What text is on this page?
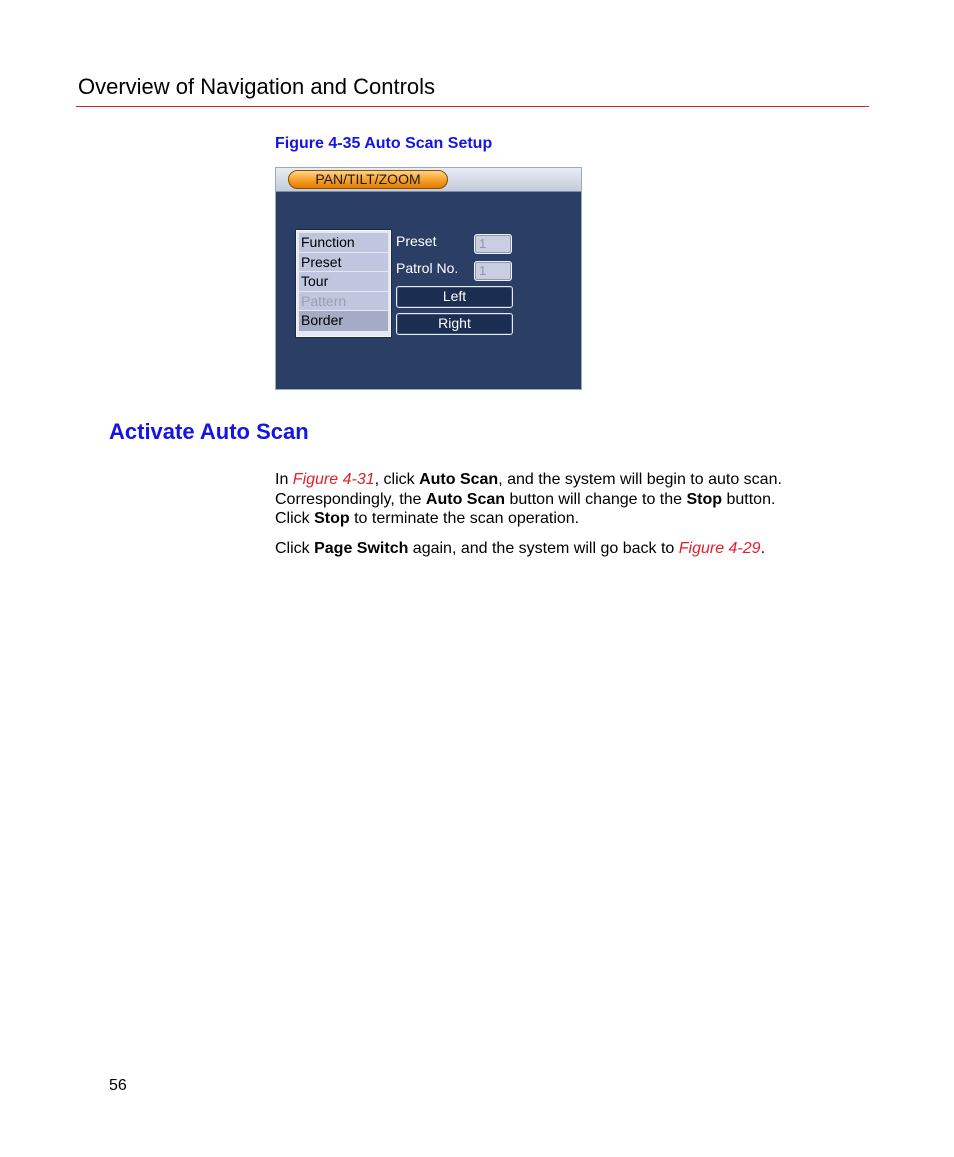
Overview of Navigation and Controls
Figure 4-35 Auto Scan Setup
PAN/TILT/ZOOM
Function
Preset
Tour
Pattern
Border
Preset	1
Patrol No.	1
Left
Right
Activate Auto Scan
In Figure 4-31, click Auto Scan, and the system will begin to auto scan.
Correspondingly, the Auto Scan button will change to the Stop button.
Click Stop to terminate the scan operation.
Click Page Switch again, and the system will go back to Figure 4-29.
56
